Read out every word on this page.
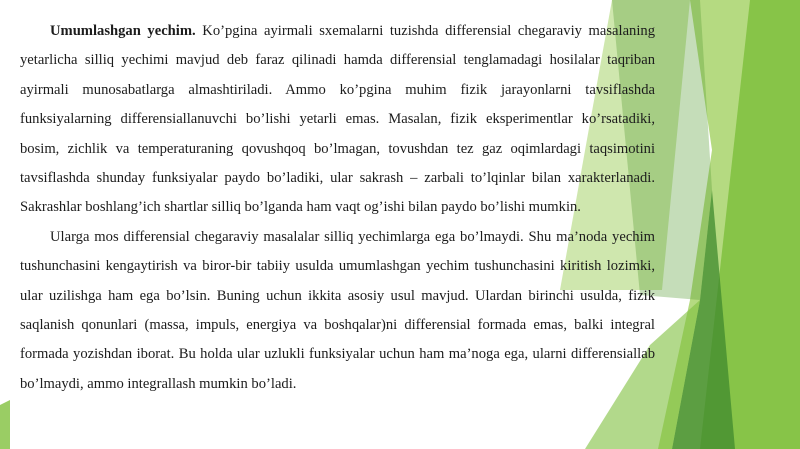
Umumlashgan yechim. Ko’pgina ayirmali sxemalarni tuzishda differensial chegaraviy masalaning yetarlicha silliq yechimi mavjud deb faraz qilinadi hamda differensial tenglamadagi hosilalar taqriban ayirmali munosabatlarga almashtiriladi. Ammo ko’pgina muhim fizik jarayonlarni tavsiflashda funksiyalarning differensiallanuvchi bo’lishi yetarli emas. Masalan, fizik eksperimentlar ko’rsatadiki, bosim, zichlik va temperaturaning qovushqoq bo’lmagan, tovushdan tez gaz oqimlardagi taqsimotini tavsiflashda shunday funksiyalar paydo bo’ladiki, ular sakrash – zarbali to’lqinlar bilan xarakterlanadi. Sakrashlar boshlang’ich shartlar silliq bo’lganda ham vaqt og’ishi bilan paydo bo’lishi mumkin.

Ularga mos differensial chegaraviy masalalar silliq yechimlarga ega bo’lmaydi. Shu ma’noda yechim tushunchasini kengaytirish va biror-bir tabiiy usulda umumlashgan yechim tushunchasini kiritish lozimki, ular uzilishga ham ega bo’lsin. Buning uchun ikkita asosiy usul mavjud. Ulardan birinchi usulda, fizik saqlanish qonunlari (massa, impuls, energiya va boshqalar)ni differensial formada emas, balki integral formada yozishdan iborat. Bu holda ular uzlukli funksiyalar uchun ham ma’noga ega, ularni differensiallab bo’lmaydi, ammo integrallash mumkin bo’ladi.
